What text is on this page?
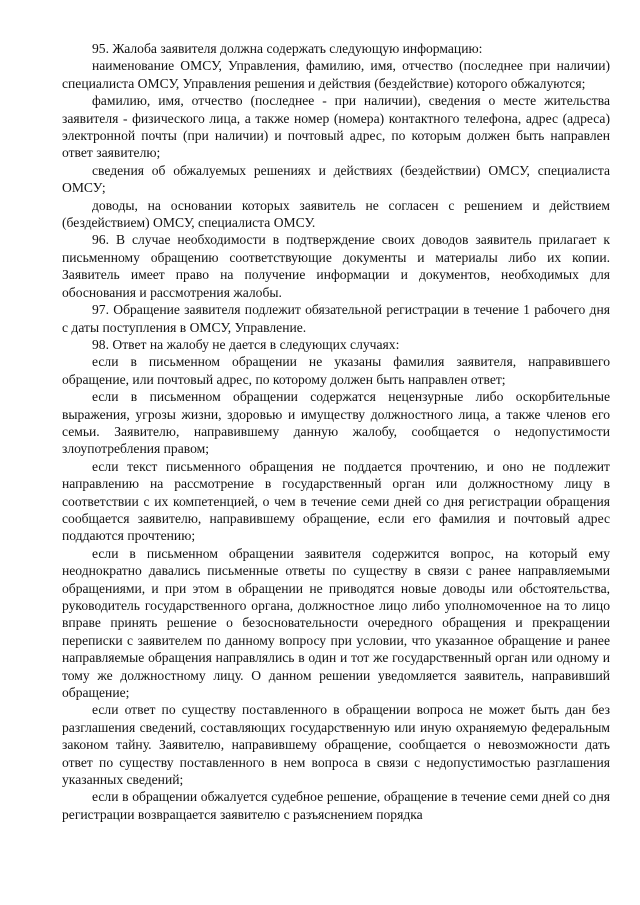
95. Жалоба заявителя должна содержать следующую информацию:

наименование ОМСУ, Управления, фамилию, имя, отчество (последнее при наличии) специалиста ОМСУ, Управления решения и действия (бездействие) которого обжалуются;

фамилию, имя, отчество (последнее - при наличии), сведения о месте жительства заявителя - физического лица, а также номер (номера) контактного телефона, адрес (адреса) электронной почты (при наличии) и почтовый адрес, по которым должен быть направлен ответ заявителю;

сведения об обжалуемых решениях и действиях (бездействии) ОМСУ, специалиста ОМСУ;

доводы, на основании которых заявитель не согласен с решением и действием (бездействием) ОМСУ, специалиста ОМСУ.

96. В случае необходимости в подтверждение своих доводов заявитель прилагает к письменному обращению соответствующие документы и материалы либо их копии. Заявитель имеет право на получение информации и документов, необходимых для обоснования и рассмотрения жалобы.

97. Обращение заявителя подлежит обязательной регистрации в течение 1 рабочего дня с даты поступления в ОМСУ, Управление.

98. Ответ на жалобу не дается в следующих случаях:

если в письменном обращении не указаны фамилия заявителя, направившего обращение, или почтовый адрес, по которому должен быть направлен ответ;

если в письменном обращении содержатся нецензурные либо оскорбительные выражения, угрозы жизни, здоровью и имуществу должностного лица, а также членов его семьи. Заявителю, направившему данную жалобу, сообщается о недопустимости злоупотребления правом;

если текст письменного обращения не поддается прочтению, и оно не подлежит направлению на рассмотрение в государственный орган или должностному лицу в соответствии с их компетенцией, о чем в течение семи дней со дня регистрации обращения сообщается заявителю, направившему обращение, если его фамилия и почтовый адрес поддаются прочтению;

если в письменном обращении заявителя содержится вопрос, на который ему неоднократно давались письменные ответы по существу в связи с ранее направляемыми обращениями, и при этом в обращении не приводятся новые доводы или обстоятельства, руководитель государственного органа, должностное лицо либо уполномоченное на то лицо вправе принять решение о безосновательности очередного обращения и прекращении переписки с заявителем по данному вопросу при условии, что указанное обращение и ранее направляемые обращения направлялись в один и тот же государственный орган или одному и тому же должностному лицу. О данном решении уведомляется заявитель, направивший обращение;

если ответ по существу поставленного в обращении вопроса не может быть дан без разглашения сведений, составляющих государственную или иную охраняемую федеральным законом тайну. Заявителю, направившему обращение, сообщается о невозможности дать ответ по существу поставленного в нем вопроса в связи с недопустимостью разглашения указанных сведений;

если в обращении обжалуется судебное решение, обращение в течение семи дней со дня регистрации возвращается заявителю с разъяснением порядка
